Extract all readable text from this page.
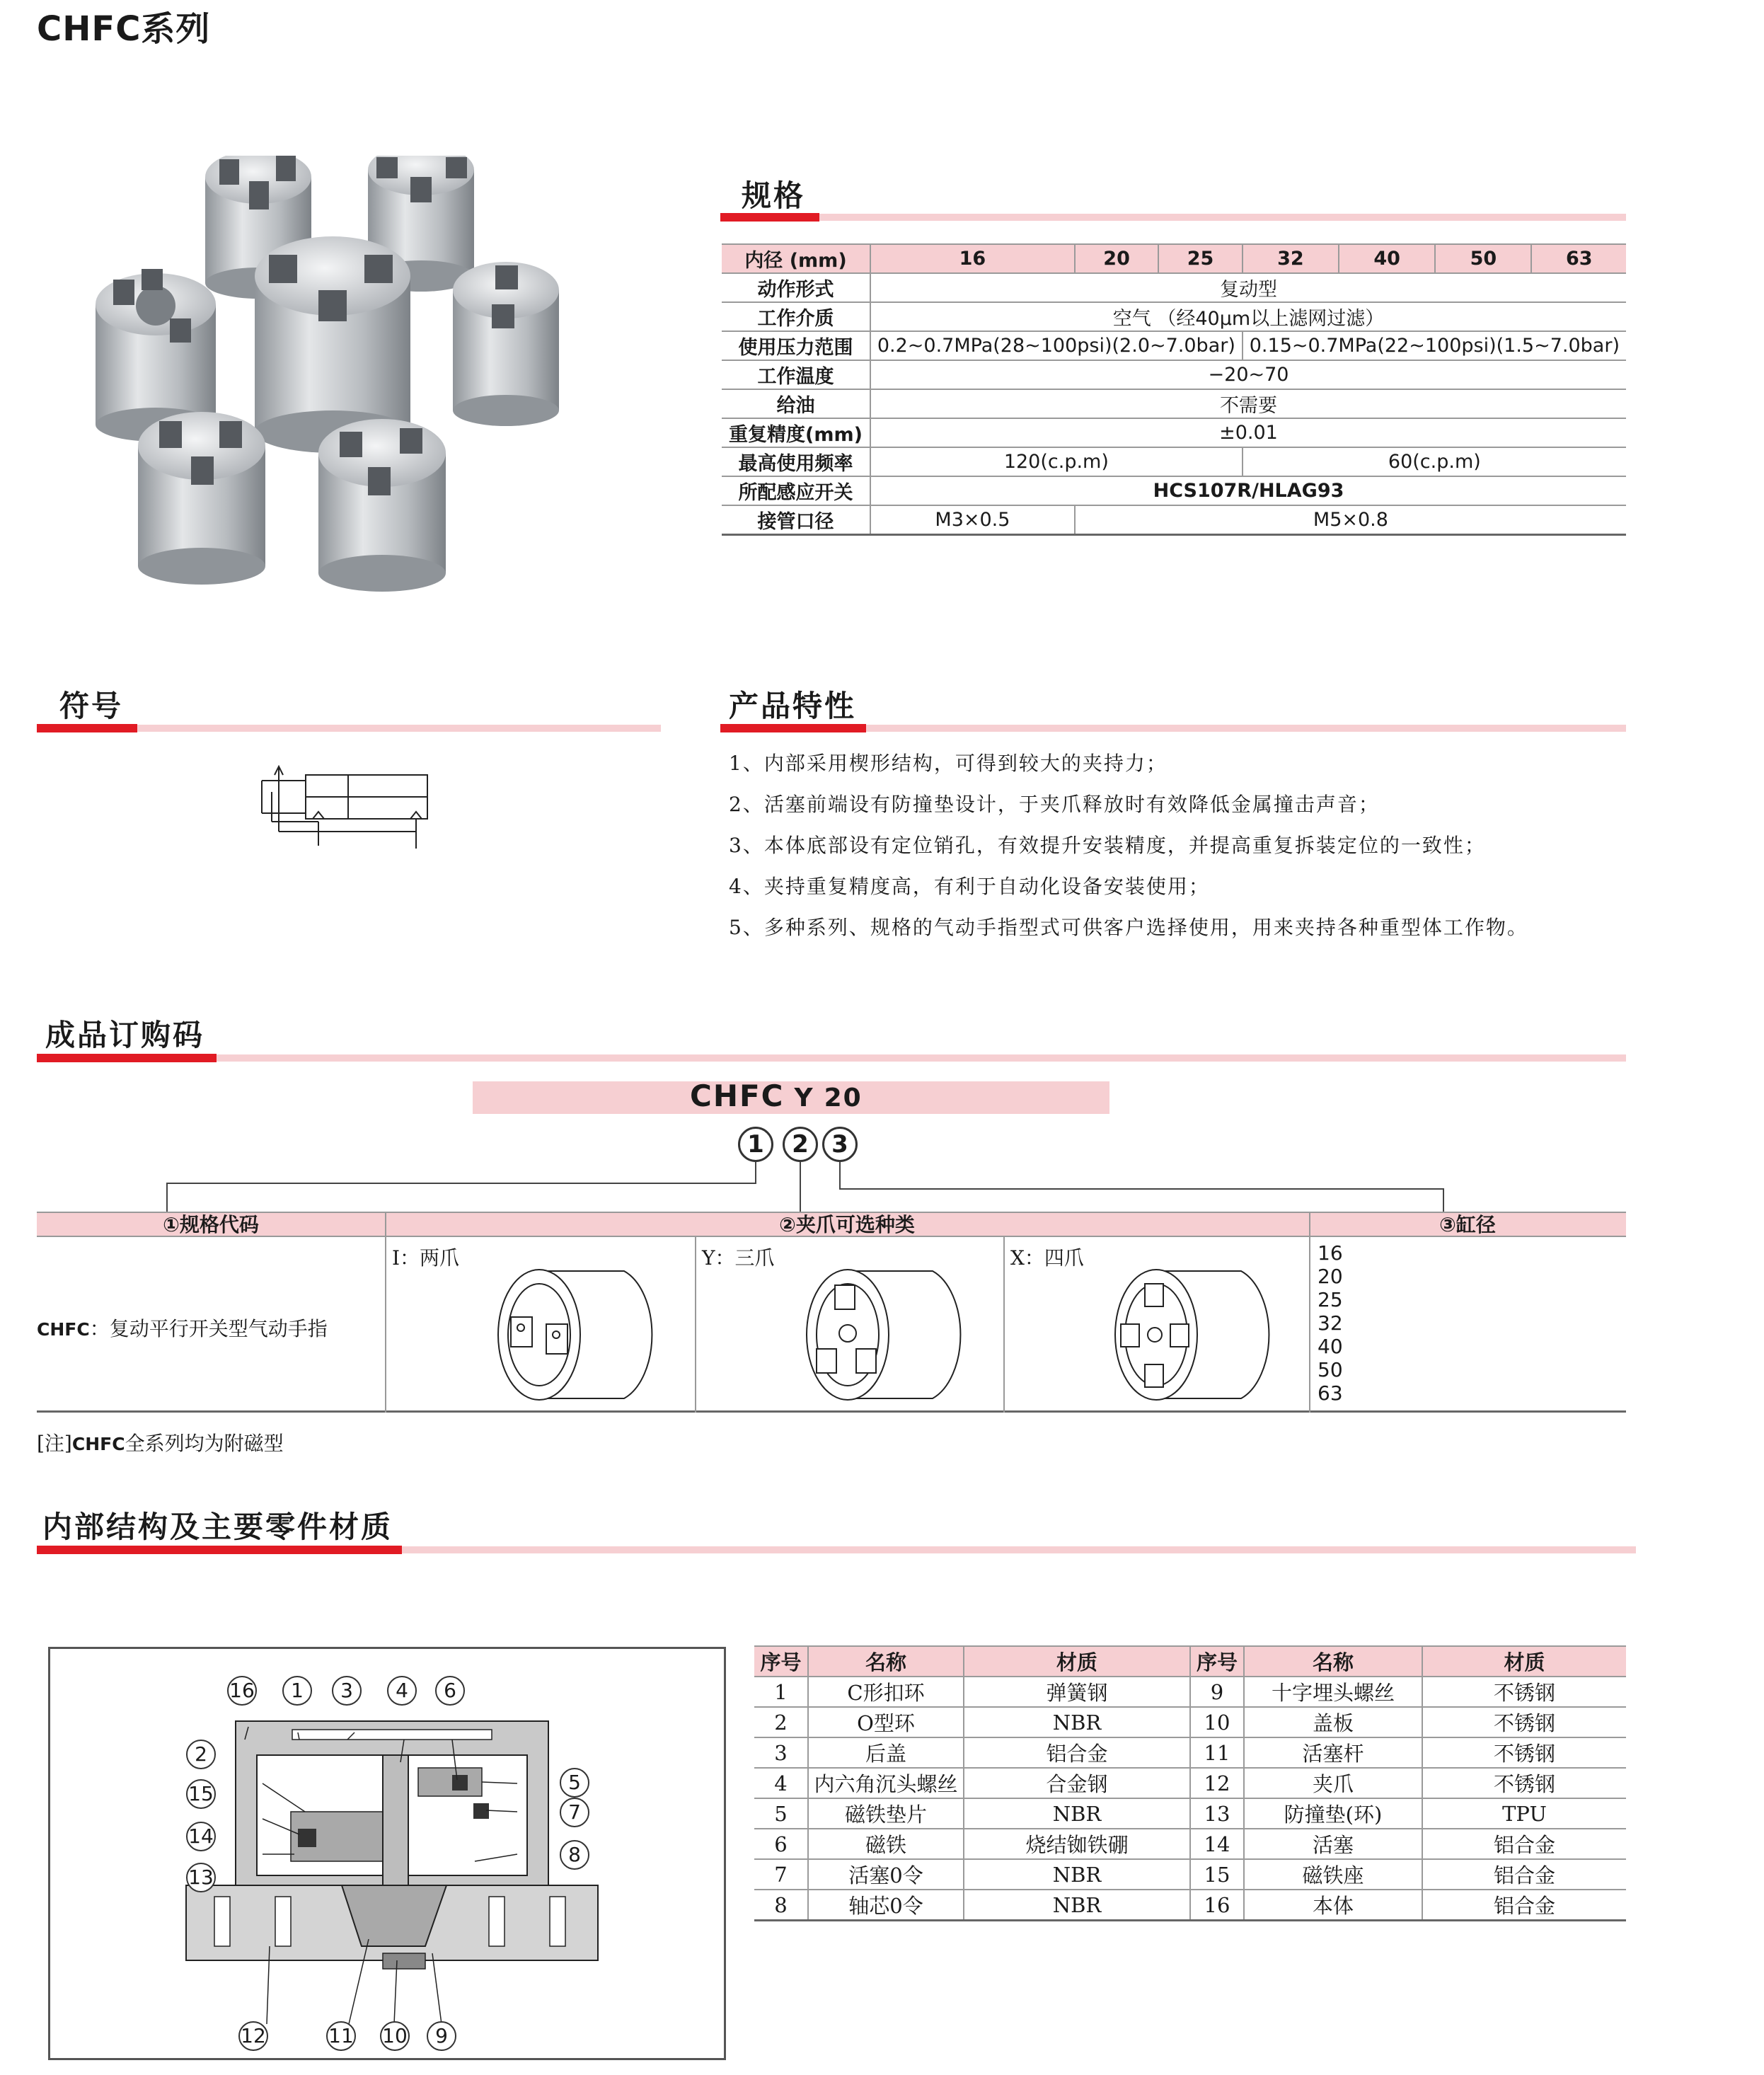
CHFC系列
规格
内径 (mm)	16	20	25	32	40	50	63
动作形式	复动型						
工作介质	空气 （经40μm以上滤网过滤）						
使用压力范围	0.2~0.7MPa(28~100psi)(2.0~7.0bar)			0.15~0.7MPa(22~100psi)(1.5~7.0bar)			
工作温度	−20~70						
给油	不需要						
重复精度(mm)	±0.01						
最高使用频率	120(c.p.m)			60(c.p.m)			
所配感应开关	HCS107R/HLAG93						
接管口径	M3×0.5	M5×0.8					
符号	产品特性
1、内部采用楔形结构，可得到较大的夹持力；
2、活塞前端设有防撞垫设计，于夹爪释放时有效降低金属撞击声音；
3、本体底部设有定位销孔，有效提升安装精度，并提高重复拆装定位的一致性；
4、夹持重复精度高，有利于自动化设备安装使用；
5、多种系列、规格的气动手指型式可供客户选择使用，用来夹持各种重型体工作物。
成品订购码
CHFC Y 20
1	2 3
①规格代码	②夹爪可选种类	③缸径
CHFC：复动平行开关型气动手指
I：两爪	Y：三爪	X：四爪	16
20
25
32
40
50
63
[注]CHFC全系列均为附磁型
内部结构及主要零件材质
16	1	3	4	6
2
15
14
13
5
7
8
12	11 10	9
序号	名称	材质	序号	名称	材质
1	C形扣环	弹簧钢	9	十字埋头螺丝	不锈钢
2	O型环	NBR	10	盖板	不锈钢
3	后盖	铝合金	11	活塞杆	不锈钢
4	内六角沉头螺丝	合金钢	12	夹爪	不锈钢
5	磁铁垫片	NBR	13	防撞垫(环)	TPU
6	磁铁	烧结铷铁硼	14	活塞	铝合金
7	活塞0令	NBR	15	磁铁座	铝合金
8	轴芯0令	NBR	16	本体	铝合金
